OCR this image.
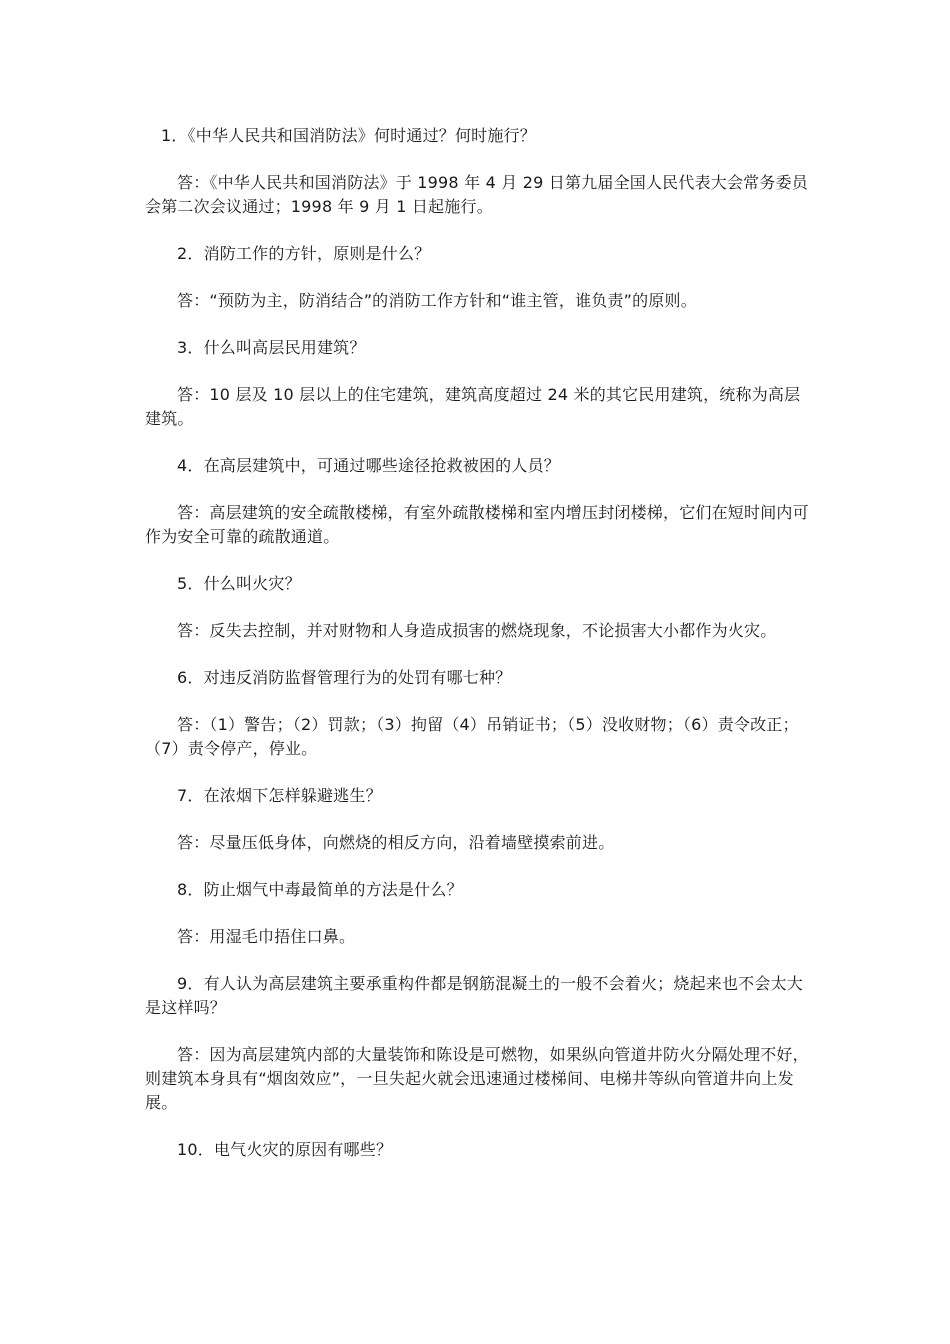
1．《中华人民共和国消防法》何时通过？何时施行？

答：《中华人民共和国消防法》于 1998 年 4 月 29 日第九届全国人民代表大会常务委员会第二次会议通过；1998 年 9 月 1 日起施行。

2．消防工作的方针，原则是什么？

答：“预防为主，防消结合”的消防工作方针和“谁主管，谁负责”的原则。

3．什么叫高层民用建筑？

答：10 层及 10 层以上的住宅建筑，建筑高度超过 24 米的其它民用建筑，统称为高层建筑。

4．在高层建筑中，可通过哪些途径抢救被困的人员？

答：高层建筑的安全疏散楼梯，有室外疏散楼梯和室内增压封闭楼梯，它们在短时间内可作为安全可靠的疏散通道。

5．什么叫火灾？

答：反失去控制，并对财物和人身造成损害的燃烧现象，不论损害大小都作为火灾。

6．对违反消防监督管理行为的处罚有哪七种？

答：（1）警告；（2）罚款；（3）拘留（4）吊销证书；（5）没收财物；（6）责令改正；（7）责令停产，停业。

7．在浓烟下怎样躲避逃生？

答：尽量压低身体，向燃烧的相反方向，沿着墙壁摸索前进。

8．防止烟气中毒最简单的方法是什么？

答：用湿毛巾捂住口鼻。

9．有人认为高层建筑主要承重构件都是钢筋混凝土的一般不会着火；烧起来也不会太大是这样吗？

答：因为高层建筑内部的大量装饰和陈设是可燃物，如果纵向管道井防火分隔处理不好，则建筑本身具有“烟囱效应”，一旦失起火就会迅速通过楼梯间、电梯井等纵向管道井向上发展。

10．电气火灾的原因有哪些？
